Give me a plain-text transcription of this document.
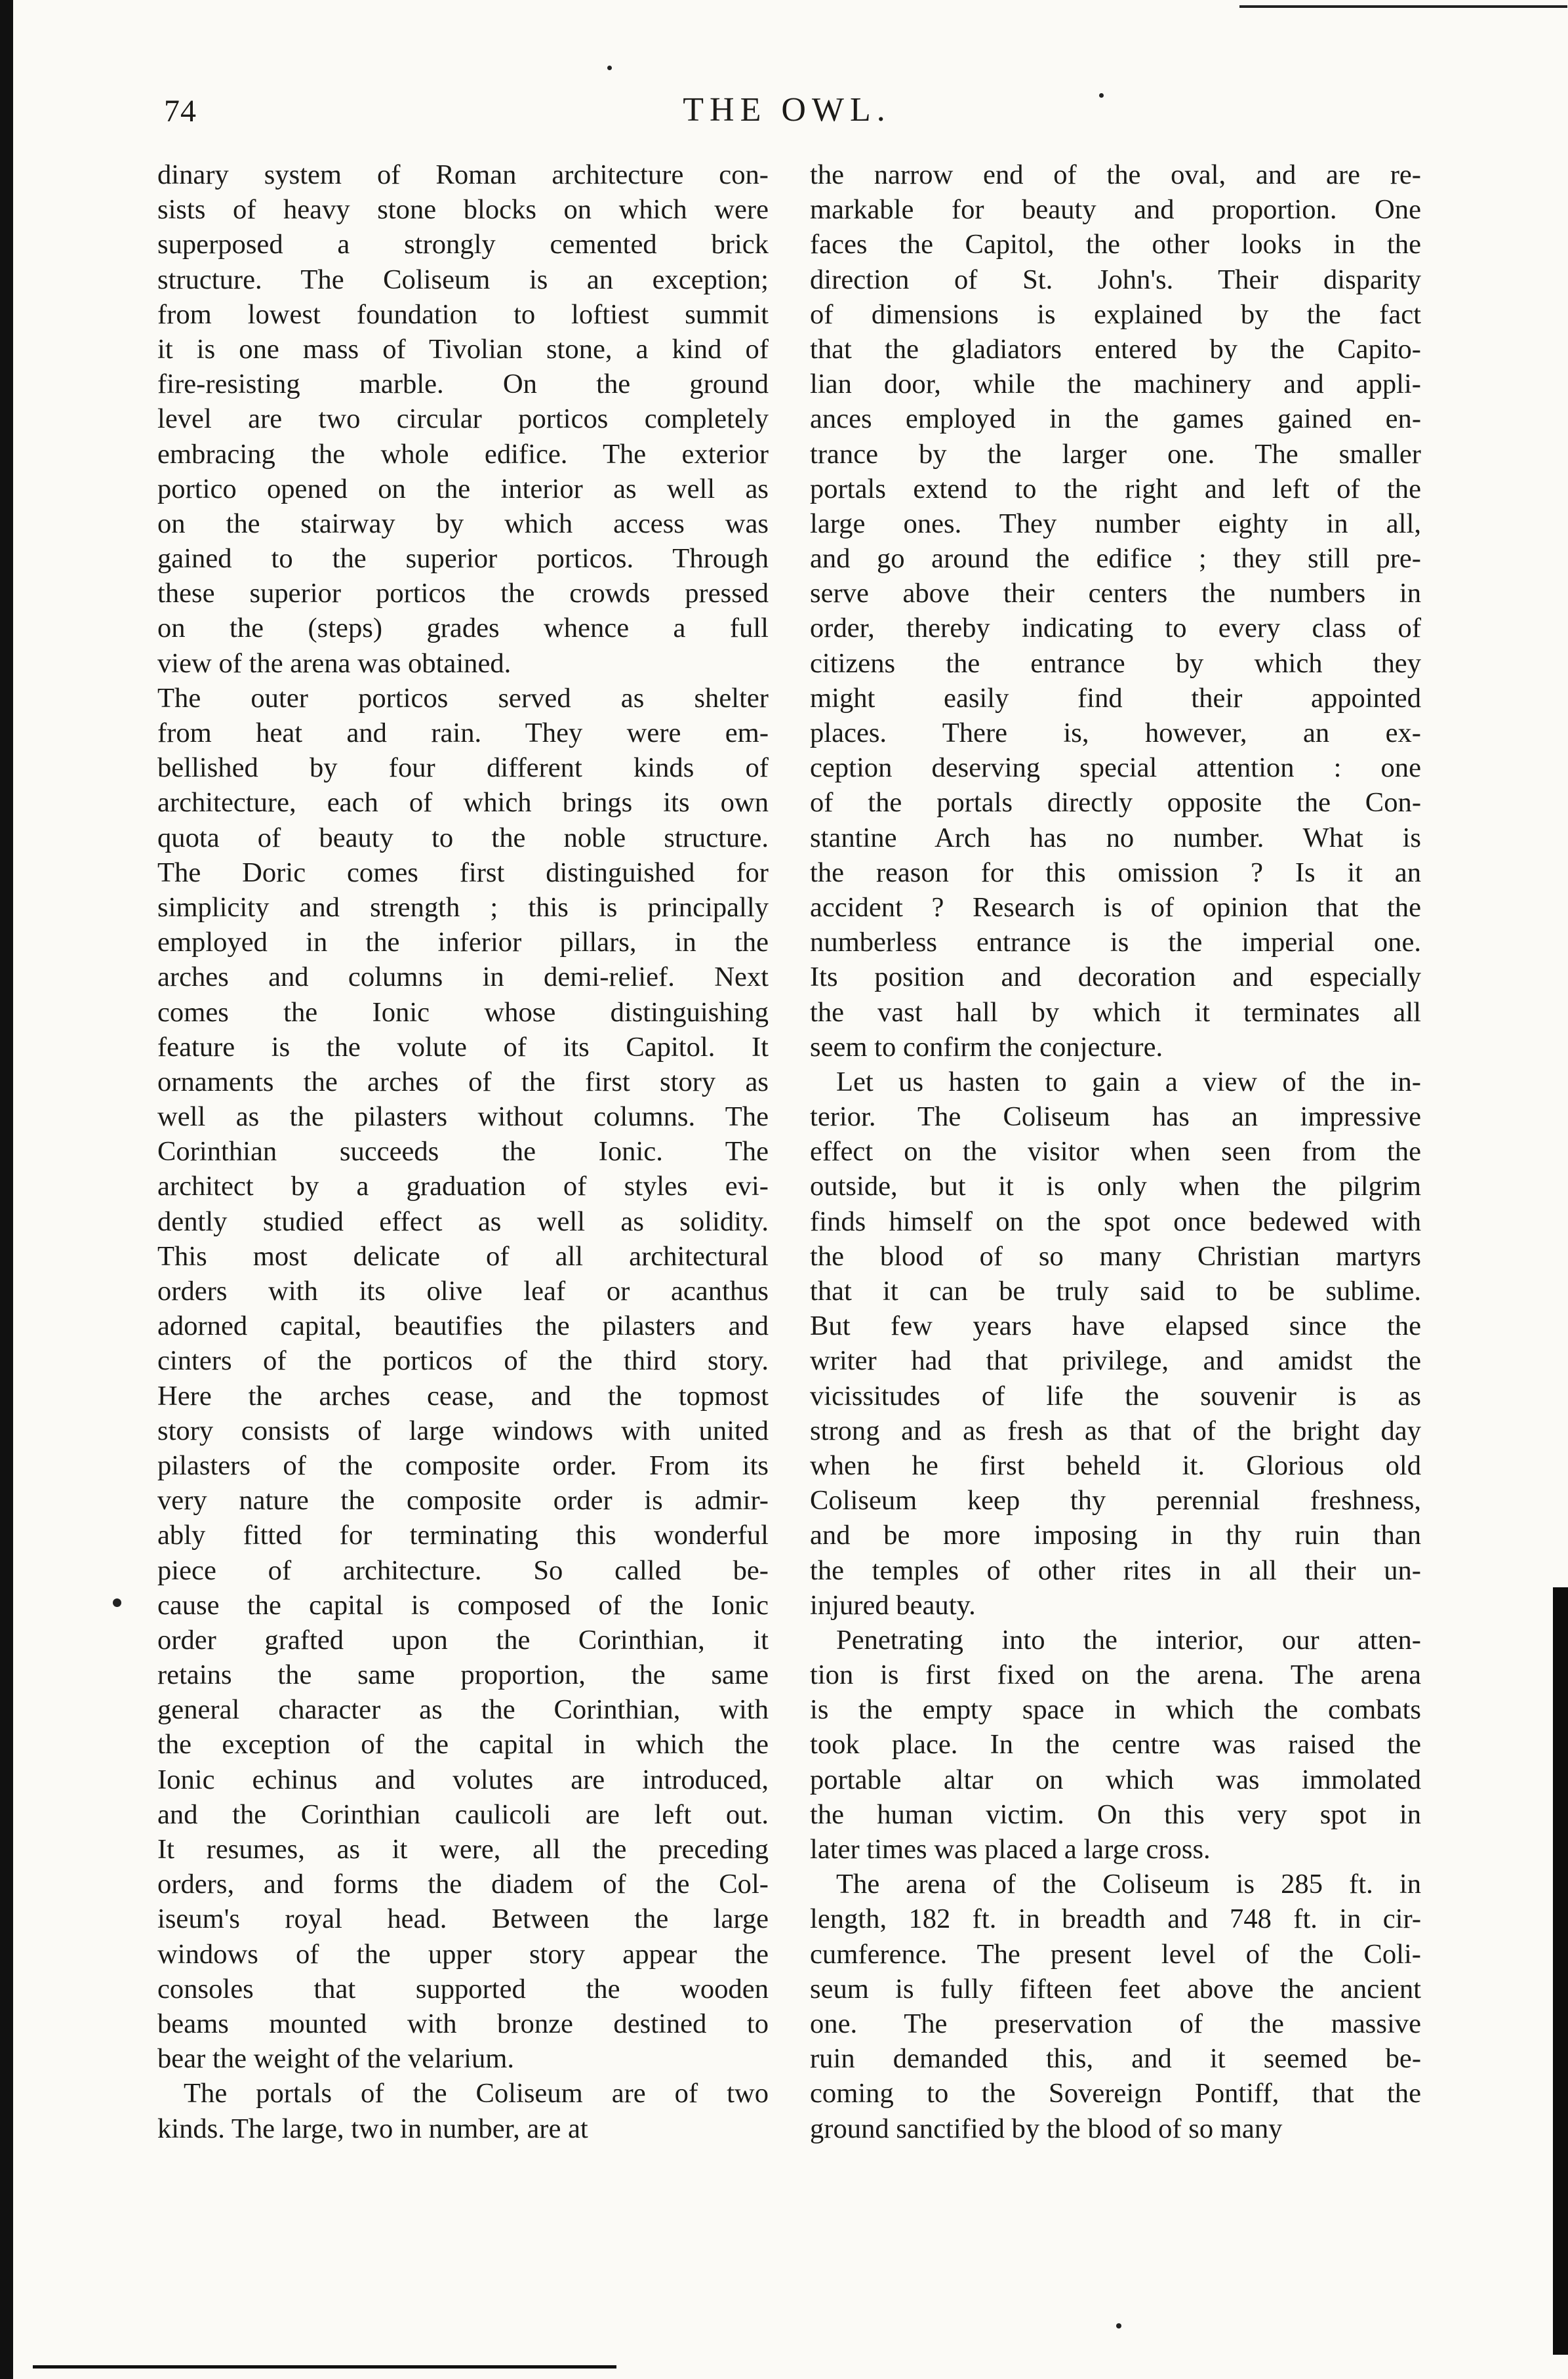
74	THE OWL.
dinary system of Roman architecture con-
sists of heavy stone blocks on which were
superposed a strongly cemented brick
structure. The Coliseum is an exception;
from lowest foundation to loftiest summit
it is one mass of Tivolian stone, a kind of
fire-resisting marble. On the ground
level are two circular porticos completely
embracing the whole edifice. The exterior
portico opened on the interior as well as
on the stairway by which access was
gained to the superior porticos. Through
these superior porticos the crowds pressed
on the (steps) grades whence a full
view of the arena was obtained.
The outer porticos served as shelter
from heat and rain. They were em-
bellished by four different kinds of
architecture, each of which brings its own
quota of beauty to the noble structure.
The Doric comes first distinguished for
simplicity and strength ; this is principally
employed in the inferior pillars, in the
arches and columns in demi-relief. Next
comes the Ionic whose distinguishing
feature is the volute of its Capitol. It
ornaments the arches of the first story as
well as the pilasters without columns. The
Corinthian succeeds the Ionic. The
architect by a graduation of styles evi-
dently studied effect as well as solidity.
This most delicate of all architectural
orders with its olive leaf or acanthus
adorned capital, beautifies the pilasters and
cinters of the porticos of the third story.
Here the arches cease, and the topmost
story consists of large windows with united
pilasters of the composite order. From its
very nature the composite order is admir-
ably fitted for terminating this wonderful
piece of architecture. So called be-
cause the capital is composed of the Ionic
order grafted upon the Corinthian, it
retains the same proportion, the same
general character as the Corinthian, with
the exception of the capital in which the
Ionic echinus and volutes are introduced,
and the Corinthian caulicoli are left out.
It resumes, as it were, all the preceding
orders, and forms the diadem of the Col-
iseum's royal head. Between the large
windows of the upper story appear the
consoles that supported the wooden
beams mounted with bronze destined to
bear the weight of the velarium.
The portals of the Coliseum are of two
kinds. The large, two in number, are at
the narrow end of the oval, and are re-
markable for beauty and proportion. One
faces the Capitol, the other looks in the
direction of St. John's. Their disparity
of dimensions is explained by the fact
that the gladiators entered by the Capito-
lian door, while the machinery and appli-
ances employed in the games gained en-
trance by the larger one. The smaller
portals extend to the right and left of the
large ones. They number eighty in all,
and go around the edifice ; they still pre-
serve above their centers the numbers in
order, thereby indicating to every class of
citizens the entrance by which they
might easily find their appointed
places. There is, however, an ex-
ception deserving special attention : one
of the portals directly opposite the Con-
stantine Arch has no number. What is
the reason for this omission ? Is it an
accident ? Research is of opinion that the
numberless entrance is the imperial one.
Its position and decoration and especially
the vast hall by which it terminates all
seem to confirm the conjecture.
Let us hasten to gain a view of the in-
terior. The Coliseum has an impressive
effect on the visitor when seen from the
outside, but it is only when the pilgrim
finds himself on the spot once bedewed with
the blood of so many Christian martyrs
that it can be truly said to be sublime.
But few years have elapsed since the
writer had that privilege, and amidst the
vicissitudes of life the souvenir is as
strong and as fresh as that of the bright day
when he first beheld it. Glorious old
Coliseum keep thy perennial freshness,
and be more imposing in thy ruin than
the temples of other rites in all their un-
injured beauty.
Penetrating into the interior, our atten-
tion is first fixed on the arena. The arena
is the empty space in which the combats
took place. In the centre was raised the
portable altar on which was immolated
the human victim. On this very spot in
later times was placed a large cross.
The arena of the Coliseum is 285 ft. in
length, 182 ft. in breadth and 748 ft. in cir-
cumference. The present level of the Coli-
seum is fully fifteen feet above the ancient
one. The preservation of the massive
ruin demanded this, and it seemed be-
coming to the Sovereign Pontiff, that the
ground sanctified by the blood of so many
